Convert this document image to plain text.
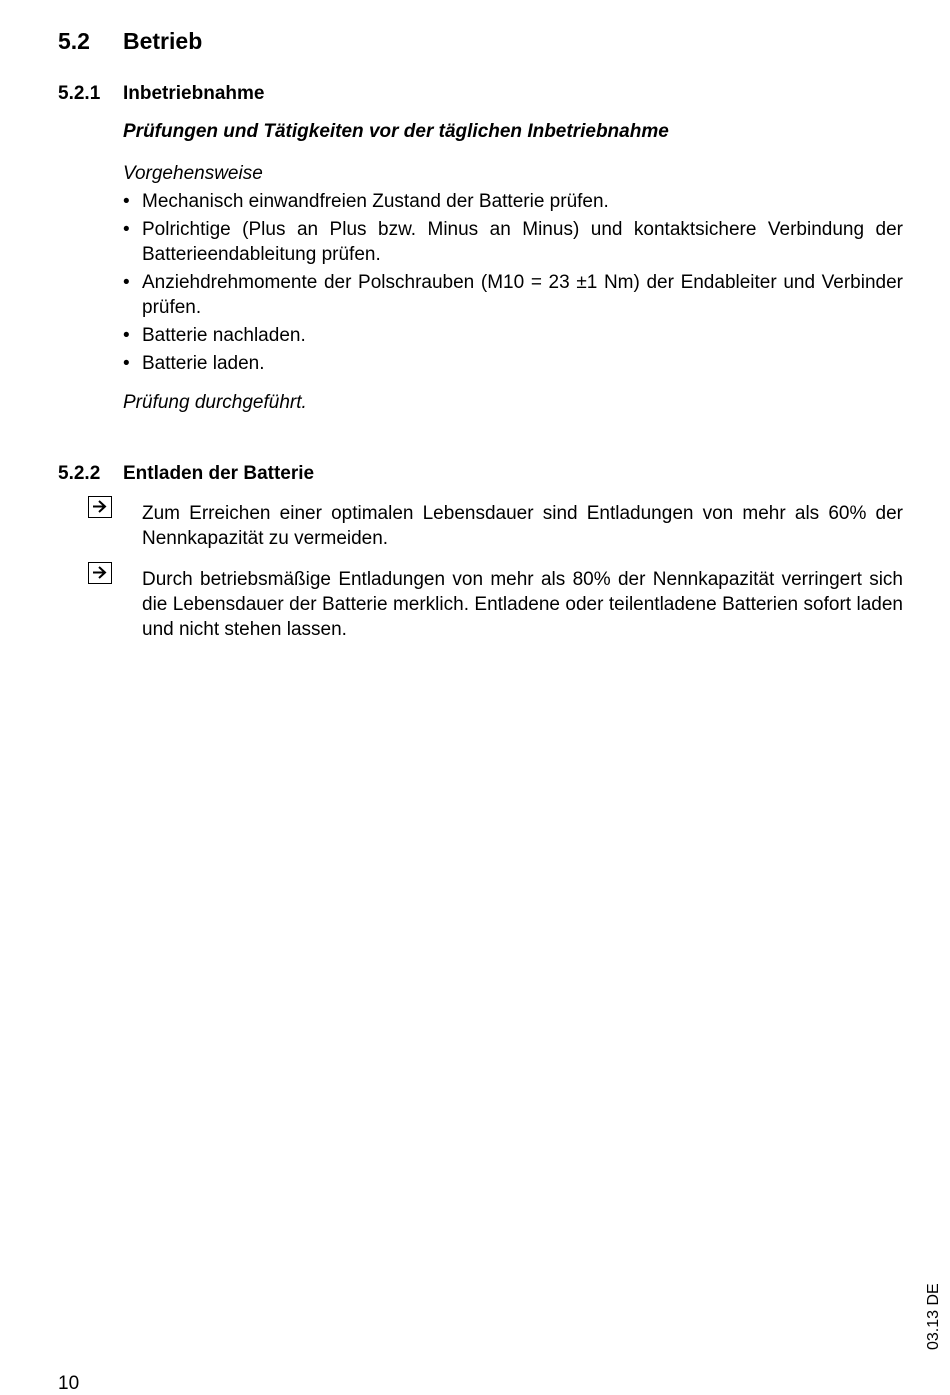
5.2 Betrieb
5.2.1 Inbetriebnahme
Prüfungen und Tätigkeiten vor der täglichen Inbetriebnahme
Vorgehensweise
• Mechanisch einwandfreien Zustand der Batterie prüfen.
• Polrichtige (Plus an Plus bzw. Minus an Minus) und kontaktsichere Verbindung der Batterieendableitung prüfen.
• Anziehdrehmomente der Polschrauben (M10 = 23 ±1 Nm) der Endableiter und Verbinder prüfen.
• Batterie nachladen.
• Batterie laden.
Prüfung durchgeführt.
5.2.2 Entladen der Batterie
Zum Erreichen einer optimalen Lebensdauer sind Entladungen von mehr als 60% der Nennkapazität zu vermeiden.
Durch betriebsmäßige Entladungen von mehr als 80% der Nennkapazität verringert sich die Lebensdauer der Batterie merklich. Entladene oder teilentladene Batterien sofort laden und nicht stehen lassen.
03.13 DE
10
